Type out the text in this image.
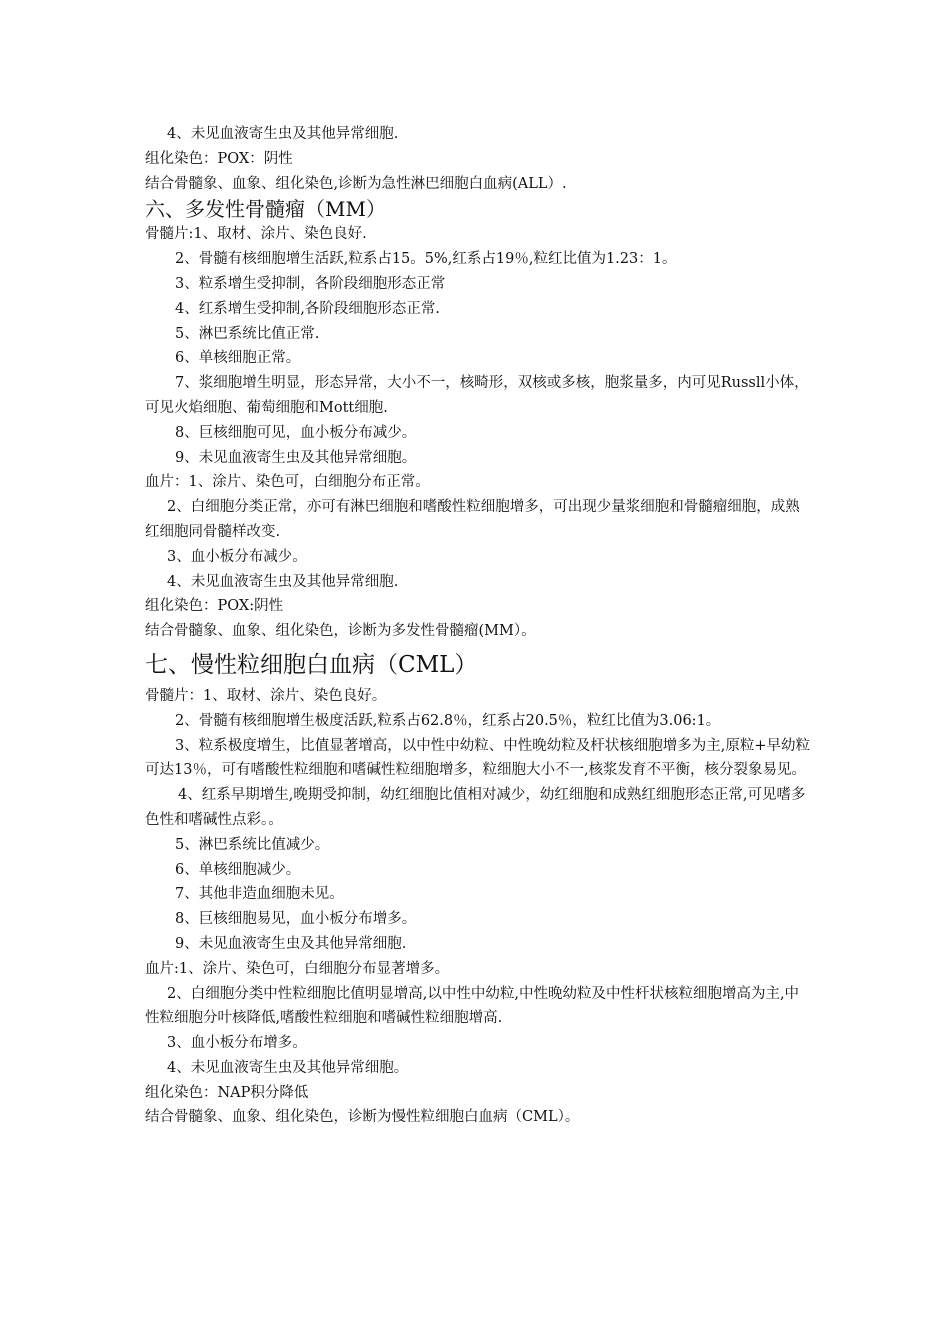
4、未见血液寄生虫及其他异常细胞.
组化染色：POX：阴性
结合骨髓象、血象、组化染色,诊断为急性淋巴细胞白血病(ALL）.
六、多发性骨髓瘤（MM）
骨髓片:1、取材、涂片、染色良好.
2、骨髓有核细胞增生活跃,粒系占15。5%,红系占19％,粒红比值为1.23：1。
3、粒系增生受抑制，各阶段细胞形态正常
4、红系增生受抑制,各阶段细胞形态正常.
5、淋巴系统比值正常.
6、单核细胞正常。
7、浆细胞增生明显，形态异常，大小不一，核畸形，双核或多核，胞浆量多，内可见Russll小体，可见火焰细胞、葡萄细胞和Mott细胞.
8、巨核细胞可见，血小板分布减少。
9、未见血液寄生虫及其他异常细胞。
血片：1、涂片、染色可，白细胞分布正常。
2、白细胞分类正常，亦可有淋巴细胞和嗜酸性粒细胞增多，可出现少量浆细胞和骨髓瘤细胞，成熟红细胞同骨髓样改变.
3、血小板分布减少。
4、未见血液寄生虫及其他异常细胞.
组化染色：POX:阴性
结合骨髓象、血象、组化染色，诊断为多发性骨髓瘤(MM）。
七、慢性粒细胞白血病（CML）
骨髓片：1、取材、涂片、染色良好。
2、骨髓有核细胞增生极度活跃,粒系占62.8％，红系占20.5％，粒红比值为3.06:1。
3、粒系极度增生，比值显著增高，以中性中幼粒、中性晚幼粒及杆状核细胞增多为主,原粒+早幼粒可达13％，可有嗜酸性粒细胞和嗜碱性粒细胞增多，粒细胞大小不一,核浆发育不平衡，核分裂象易见。
4、红系早期增生,晚期受抑制，幼红细胞比值相对减少，幼红细胞和成熟红细胞形态正常,可见嗜多色性和嗜碱性点彩。。
5、淋巴系统比值减少。
6、单核细胞减少。
7、其他非造血细胞未见。
8、巨核细胞易见，血小板分布增多。
9、未见血液寄生虫及其他异常细胞.
血片:1、涂片、染色可，白细胞分布显著增多。
2、白细胞分类中性粒细胞比值明显增高,以中性中幼粒,中性晚幼粒及中性杆状核粒细胞增高为主,中性粒细胞分叶核降低,嗜酸性粒细胞和嗜碱性粒细胞增高.
3、血小板分布增多。
4、未见血液寄生虫及其他异常细胞。
组化染色：NAP积分降低
结合骨髓象、血象、组化染色，诊断为慢性粒细胞白血病（CML）。
